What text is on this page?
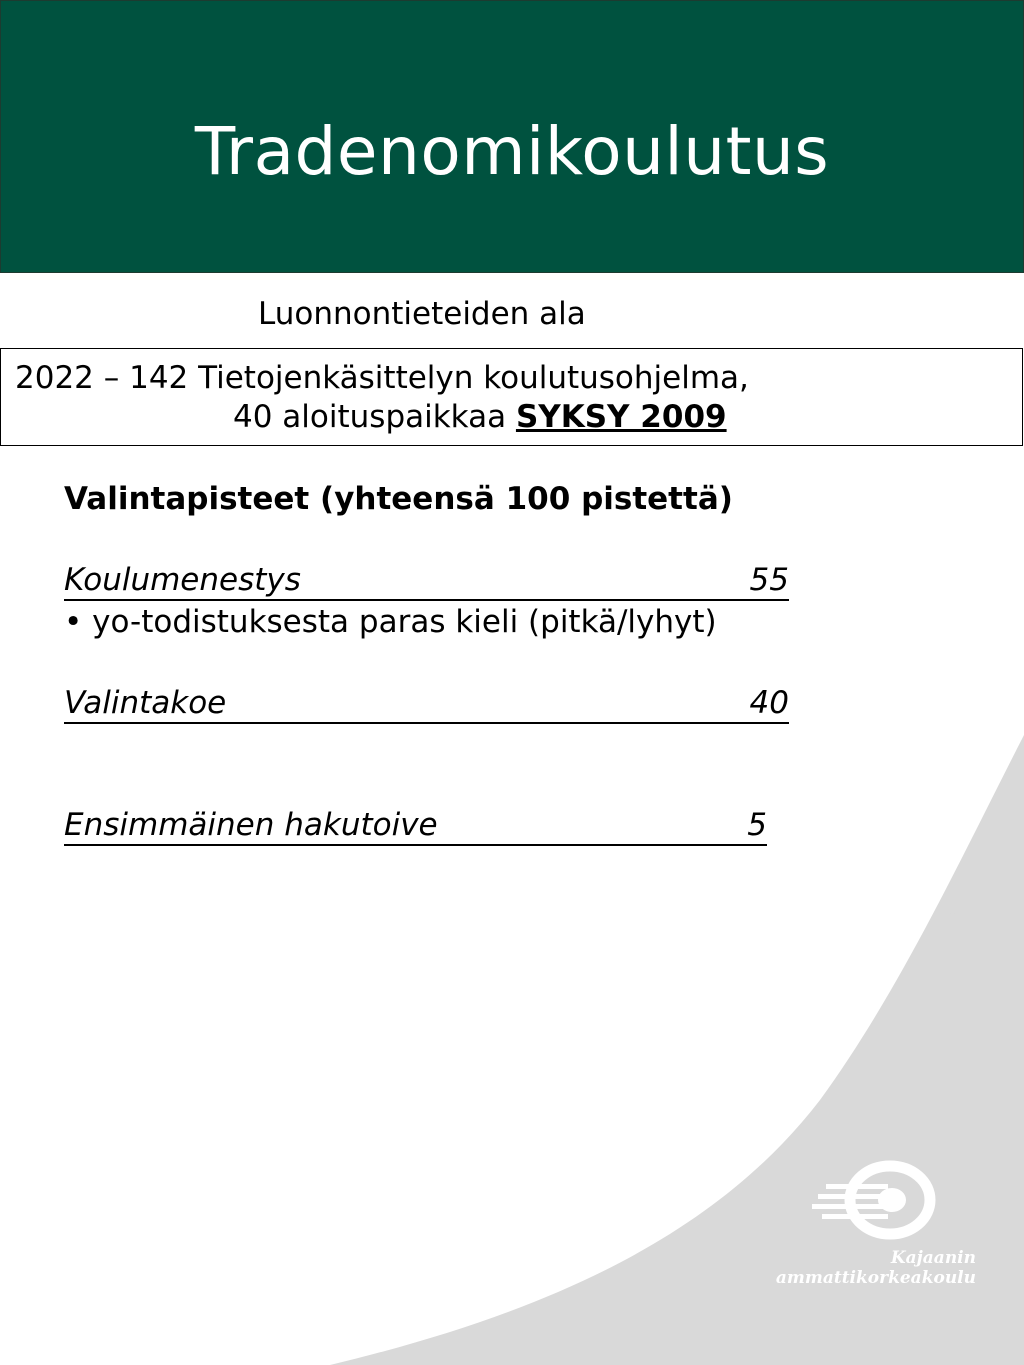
Tradenomikoulutus
Luonnontieteiden ala
2022 – 142 Tietojenkäsittelyn koulutusohjelma,
40 aloituspaikkaa SYKSY 2009
Valintapisteet (yhteensä 100 pistettä)
Koulumenestys	55
• yo-todistuksesta paras kieli (pitkä/lyhyt)
Valintakoe	40
Ensimmäinen hakutoive	5
Kajaanin
ammattikorkeakoulu
